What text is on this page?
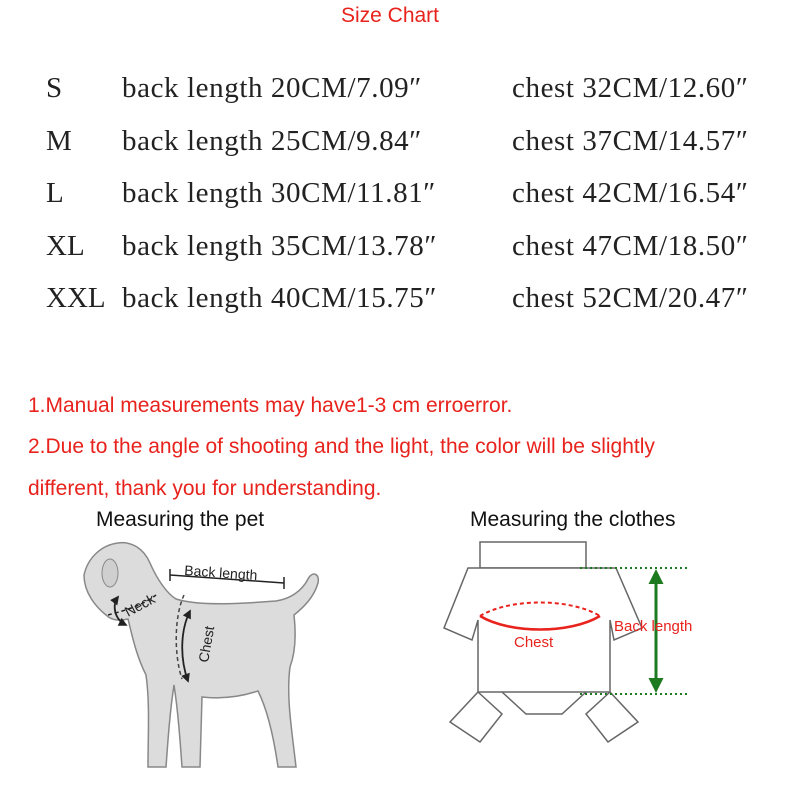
Size Chart
S back length 20CM/7.09″	chest 32CM/12.60″
M back length 25CM/9.84″	chest 37CM/14.57″
L back length 30CM/11.81″	chest 42CM/16.54″
XL back length 35CM/13.78″	chest 47CM/18.50″
XXL back length 40CM/15.75″	chest 52CM/20.47″
1.Manual measurements may have1-3 cm erroerror.
2.Due to the angle of shooting and the light, the color will be slightly
different, thank you for understanding.
Measuring the pet	Measuring the clothes
Back length
Neck
Chest	Chest
Back length
